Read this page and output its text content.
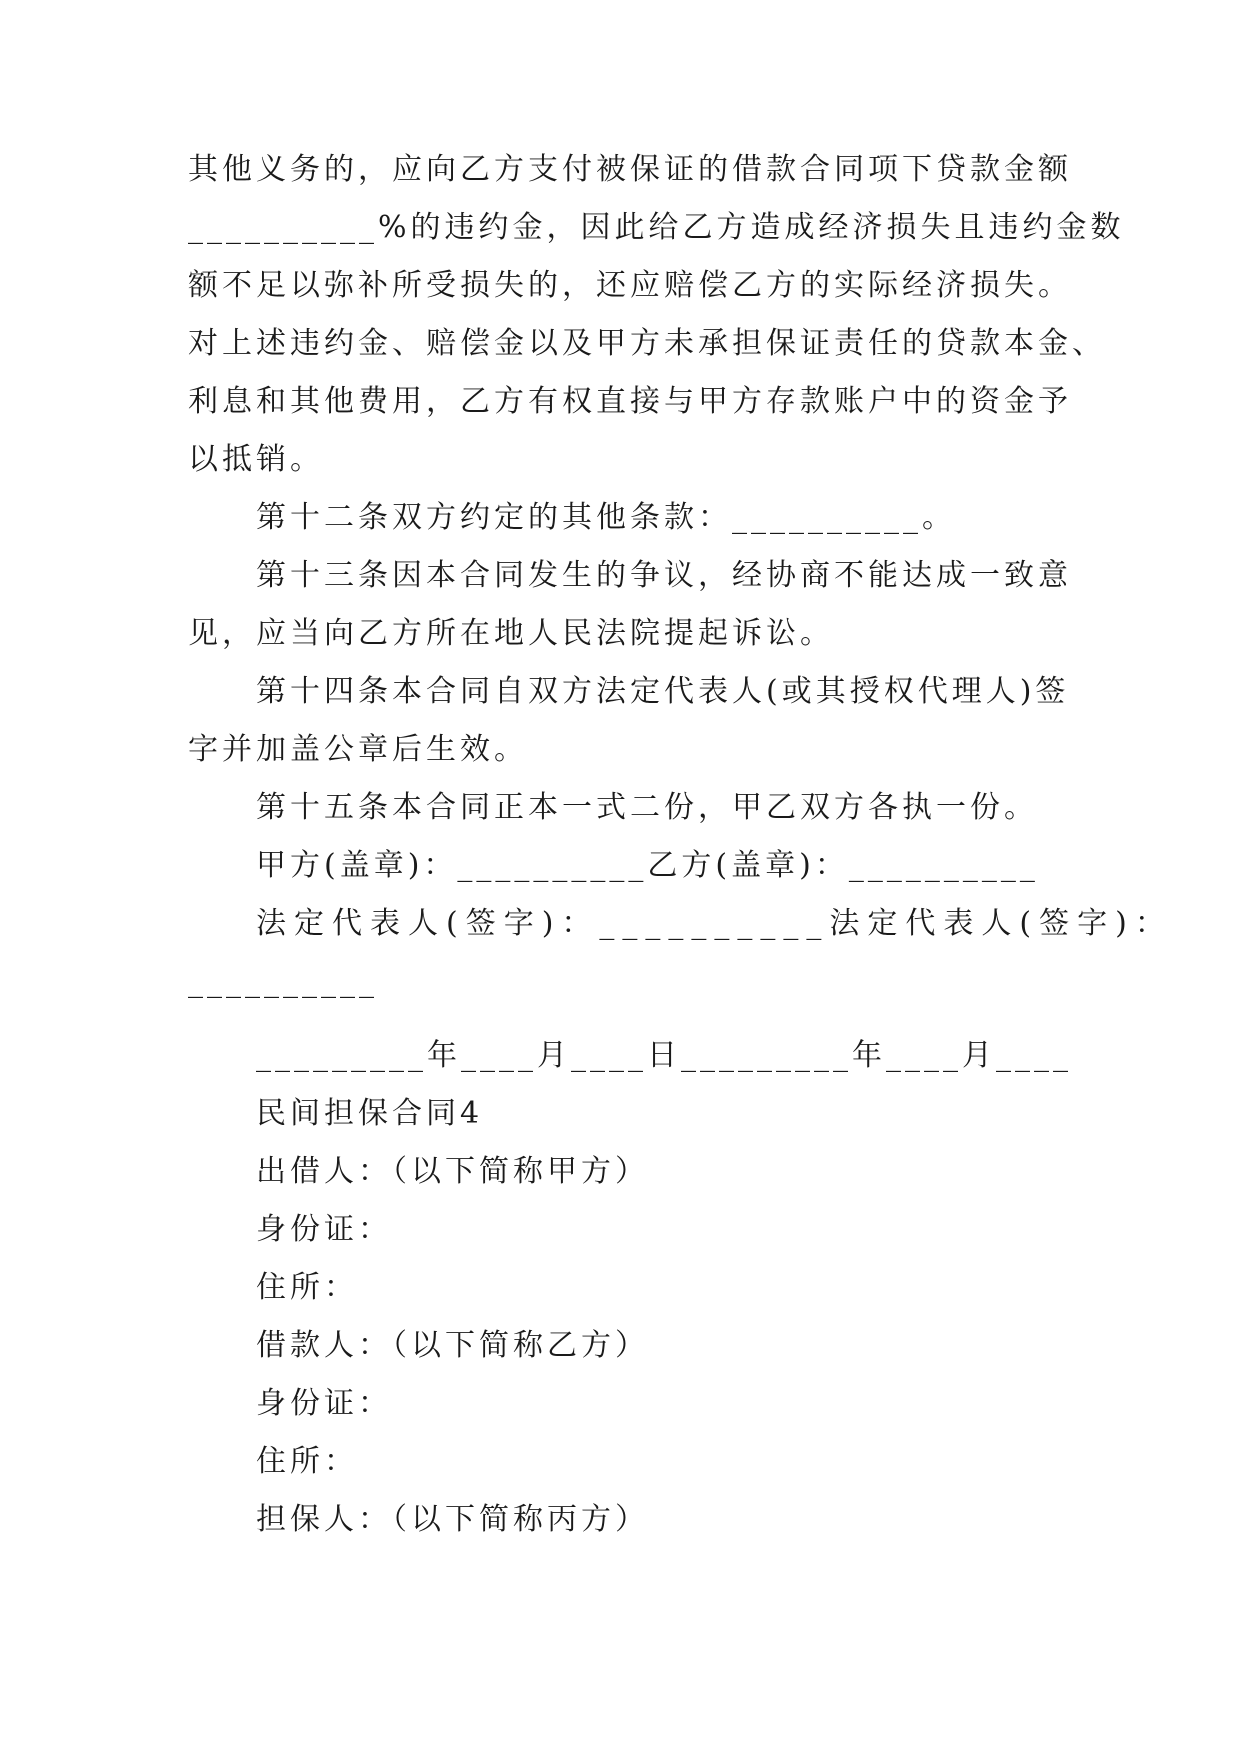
其他义务的，应向乙方支付被保证的借款合同项下贷款金额
__________%的违约金，因此给乙方造成经济损失且违约金数
额不足以弥补所受损失的，还应赔偿乙方的实际经济损失。
对上述违约金、赔偿金以及甲方未承担保证责任的贷款本金、
利息和其他费用，乙方有权直接与甲方存款账户中的资金予
以抵销。
第十二条双方约定的其他条款：__________。
第十三条因本合同发生的争议，经协商不能达成一致意
见，应当向乙方所在地人民法院提起诉讼。
第十四条本合同自双方法定代表人(或其授权代理人)签
字并加盖公章后生效。
第十五条本合同正本一式二份，甲乙双方各执一份。
甲方(盖章)：__________乙方(盖章)：__________
法定代表人(签字)：__________法定代表人(签字)：
__________
_________年____月____日_________年____月____
民间担保合同4
出借人：（以下简称甲方）
身份证：
住所：
借款人：（以下简称乙方）
身份证：
住所：
担保人：（以下简称丙方）
